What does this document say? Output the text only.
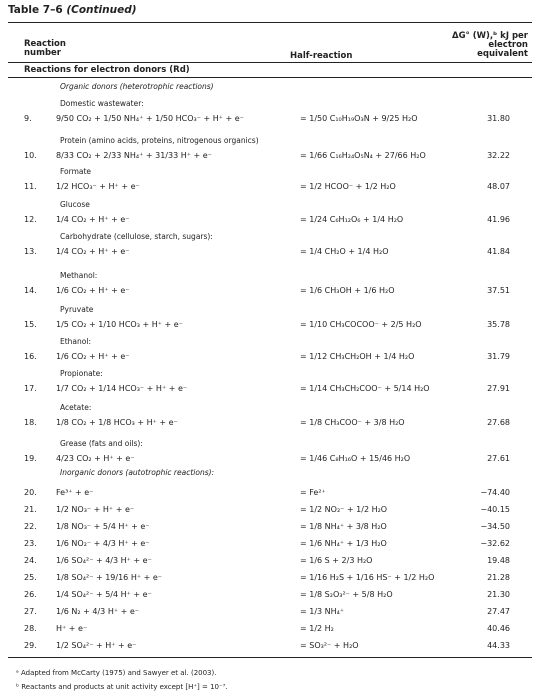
Table 7–6 (Continued)
Reaction number	Half-reaction
ΔG° (W),ᵇ kJ per electron equivalent
Reactions for electron donors (Rd)
Organic donors (heterotrophic reactions)
Domestic wastewater:
9.	9/50 CO₂ + 1/50 NH₄⁺ + 1/50 HCO₃⁻ + H⁺ + e⁻	= 1/50 C₁₀H₁₉O₃N + 9/25 H₂O	31.80
Protein (amino acids, proteins, nitrogenous organics)
10. 8/33 CO₂ + 2/33 NH₄⁺ + 31/33 H⁺ + e⁻	= 1/66 C₁₆H₂₄O₅N₄ + 27/66 H₂O	32.22
Formate
11. 1/2 HCO₃⁻ + H⁺ + e⁻	= 1/2 HCOO⁻ + 1/2 H₂O	48.07
Glucose
12. 1/4 CO₂ + H⁺ + e⁻	= 1/24 C₆H₁₂O₆ + 1/4 H₂O	41.96
Carbohydrate (cellulose, starch, sugars):
13. 1/4 CO₂ + H⁺ + e⁻	= 1/4 CH₂O + 1/4 H₂O	41.84
Methanol:
14. 1/6 CO₂ + H⁺ + e⁻	= 1/6 CH₃OH + 1/6 H₂O	37.51
Pyruvate
15. 1/5 CO₂ + 1/10 HCO₃ + H⁺ + e⁻	= 1/10 CH₃COCOO⁻ + 2/5 H₂O	35.78
Ethanol:
16. 1/6 CO₂ + H⁺ + e⁻	= 1/12 CH₃CH₂OH + 1/4 H₂O	31.79
Propionate:
17. 1/7 CO₂ + 1/14 HCO₃⁻ + H⁺ + e⁻	= 1/14 CH₃CH₂COO⁻ + 5/14 H₂O	27.91
Acetate:
18. 1/8 CO₂ + 1/8 HCO₃ + H⁺ + e⁻	= 1/8 CH₃COO⁻ + 3/8 H₂O	27.68
Grease (fats and oils):
19. 4/23 CO₂ + H⁺ + e⁻	= 1/46 C₈H₁₆O + 15/46 H₂O	27.61
20. Fe³⁺ + e⁻	= Fe²⁺	−74.40
21. 1/2 NO₃⁻ + H⁺ + e⁻	= 1/2 NO₂⁻ + 1/2 H₂O	−40.15
22. 1/8 NO₃⁻ + 5/4 H⁺ + e⁻	= 1/8 NH₄⁺ + 3/8 H₂O	−34.50
23. 1/6 NO₂⁻ + 4/3 H⁺ + e⁻	= 1/6 NH₄⁺ + 1/3 H₂O	−32.62
24. 1/6 SO₄²⁻ + 4/3 H⁺ + e⁻	= 1/6 S + 2/3 H₂O	19.48
25. 1/8 SO₄²⁻ + 19/16 H⁺ + e⁻	= 1/16 H₂S + 1/16 HS⁻ + 1/2 H₂O	21.28
26. 1/4 SO₄²⁻ + 5/4 H⁺ + e⁻	= 1/8 S₂O₃²⁻ + 5/8 H₂O	21.30
27. 1/6 N₂ + 4/3 H⁺ + e⁻	= 1/3 NH₄⁺	27.47
28. H⁺ + e⁻	= 1/2 H₂	40.46
29. 1/2 SO₄²⁻ + H⁺ + e⁻	= SO₃²⁻ + H₂O	44.33
Inorganic donors (autotrophic reactions):
ᵃ Adapted from McCarty (1975) and Sawyer et al. (2003).
ᵇ Reactants and products at unit activity except [H⁺] = 10⁻⁷.
